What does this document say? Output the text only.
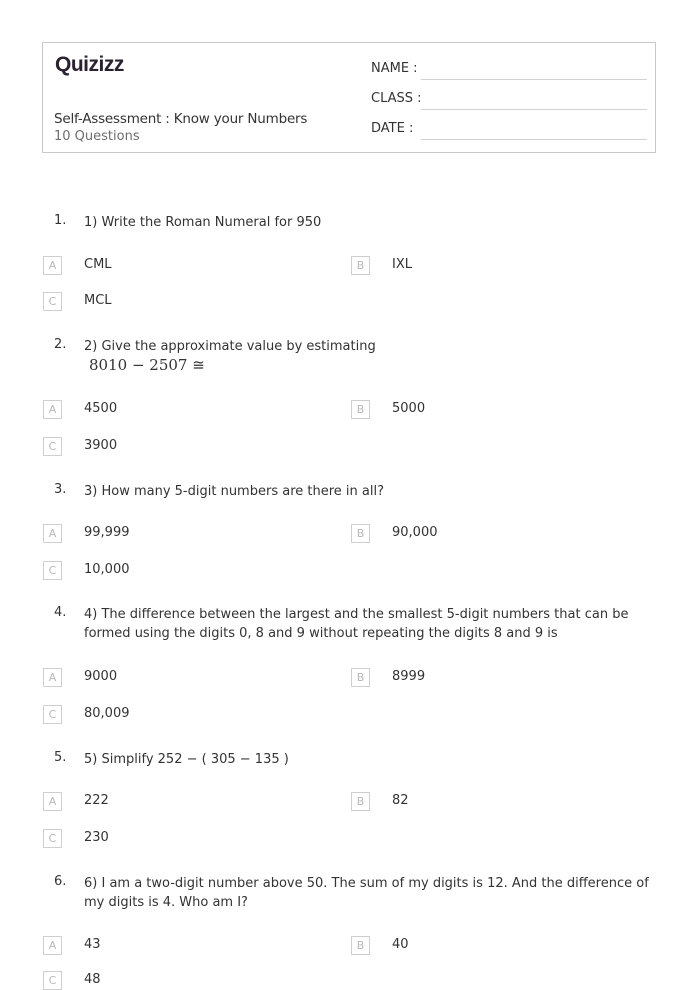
Quizizz
Self-Assessment : Know your Numbers
10 Questions
NAME :
CLASS :
DATE :
1. 1) Write the Roman Numeral for 950
A	CML	B	IXL
C	MCL
2. 2) Give the approximate value by estimating
8010 − 2507 ≅
A	4500	B	5000
C	3900
3. 3) How many 5-digit numbers are there in all?
A	99,999	B	90,000
C	10,000
4. 4) The difference between the largest and the smallest 5-digit numbers that can be formed using the digits 0, 8 and 9 without repeating the digits 8 and 9 is
A	9000	B	8999
C	80,009
5. 5) Simplify 252 − ( 305 − 135 )
A	222	B	82
C	230
6. 6) I am a two-digit number above 50. The sum of my digits is 12. And the difference of my digits is 4. Who am I?
A	43	B	40
C	48
